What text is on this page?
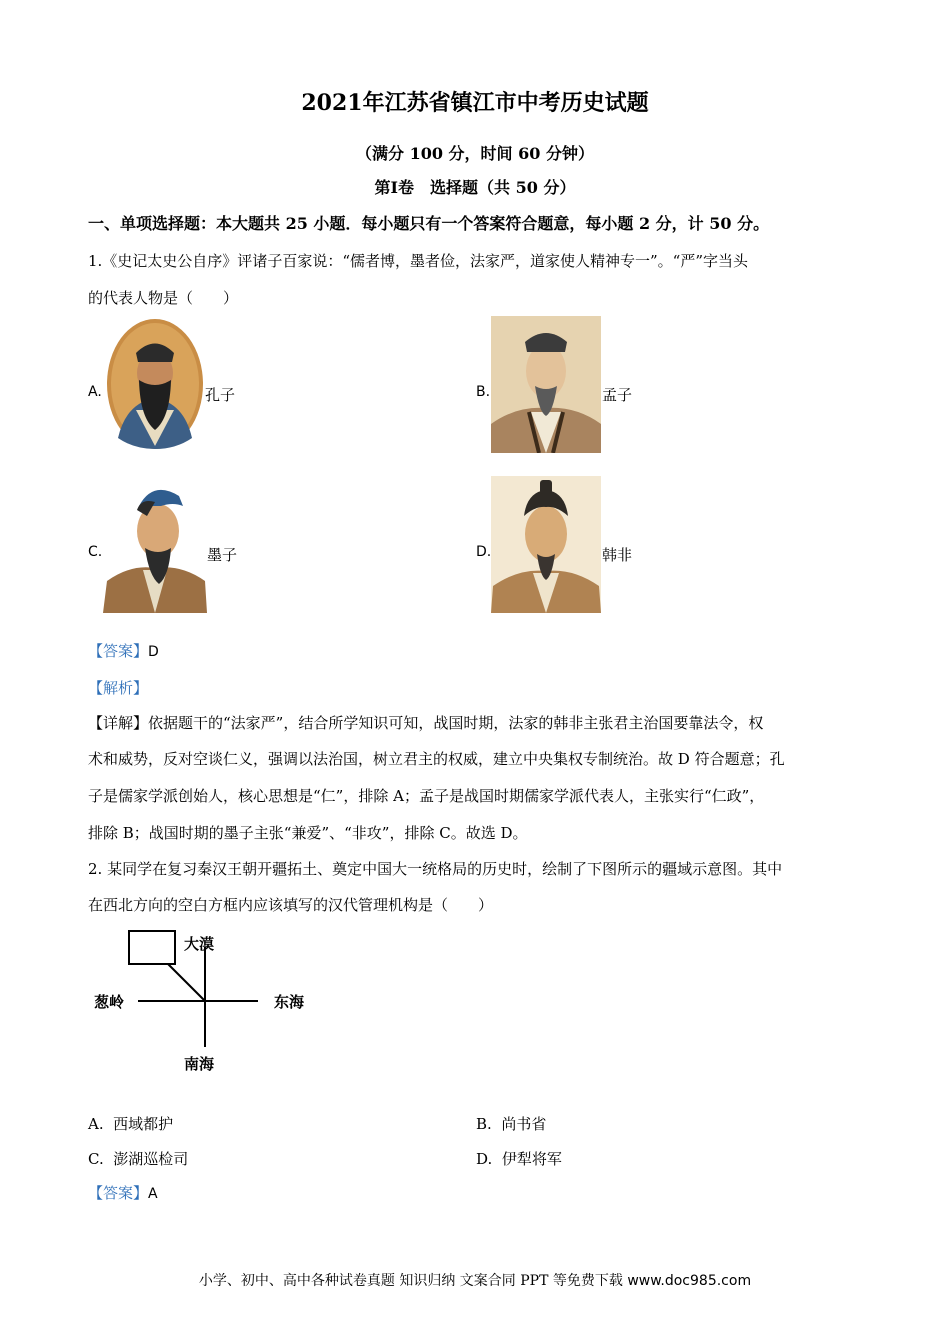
2021年江苏省镇江市中考历史试题
（满分 100 分，时间 60 分钟）
第Ⅰ卷　选择题（共 50 分）
一、单项选择题：本大题共 25 小题．每小题只有一个答案符合题意，每小题 2 分，计 50 分。
1.《史记太史公自序》评诸子百家说：“儒者博，墨者俭，法家严，道家使人精神专一”。“严”字当头
的代表人物是（　　）
A.	孔子	B.	孟子
C.	墨子	D.	韩非
【答案】D
【解析】
【详解】依据题干的“法家严”，结合所学知识可知，战国时期，法家的韩非主张君主治国要靠法令，权
术和威势，反对空谈仁义，强调以法治国，树立君主的权威，建立中央集权专制统治。故 D 符合题意；孔
子是儒家学派创始人，核心思想是“仁”，排除 A；孟子是战国时期儒家学派代表人，主张实行“仁政”，
排除 B；战国时期的墨子主张“兼爱”、“非攻”，排除 C。故选 D。
2. 某同学在复习秦汉王朝开疆拓土、奠定中国大一统格局的历史时，绘制了下图所示的疆域示意图。其中
在西北方向的空白方框内应该填写的汉代管理机构是（　　）
大漠
葱岭	东海
南海
A. 西域都护	B. 尚书省
C. 澎湖巡检司	D. 伊犁将军
【答案】A
小学、初中、高中各种试卷真题 知识归纳 文案合同 PPT 等免费下载 www.doc985.com
